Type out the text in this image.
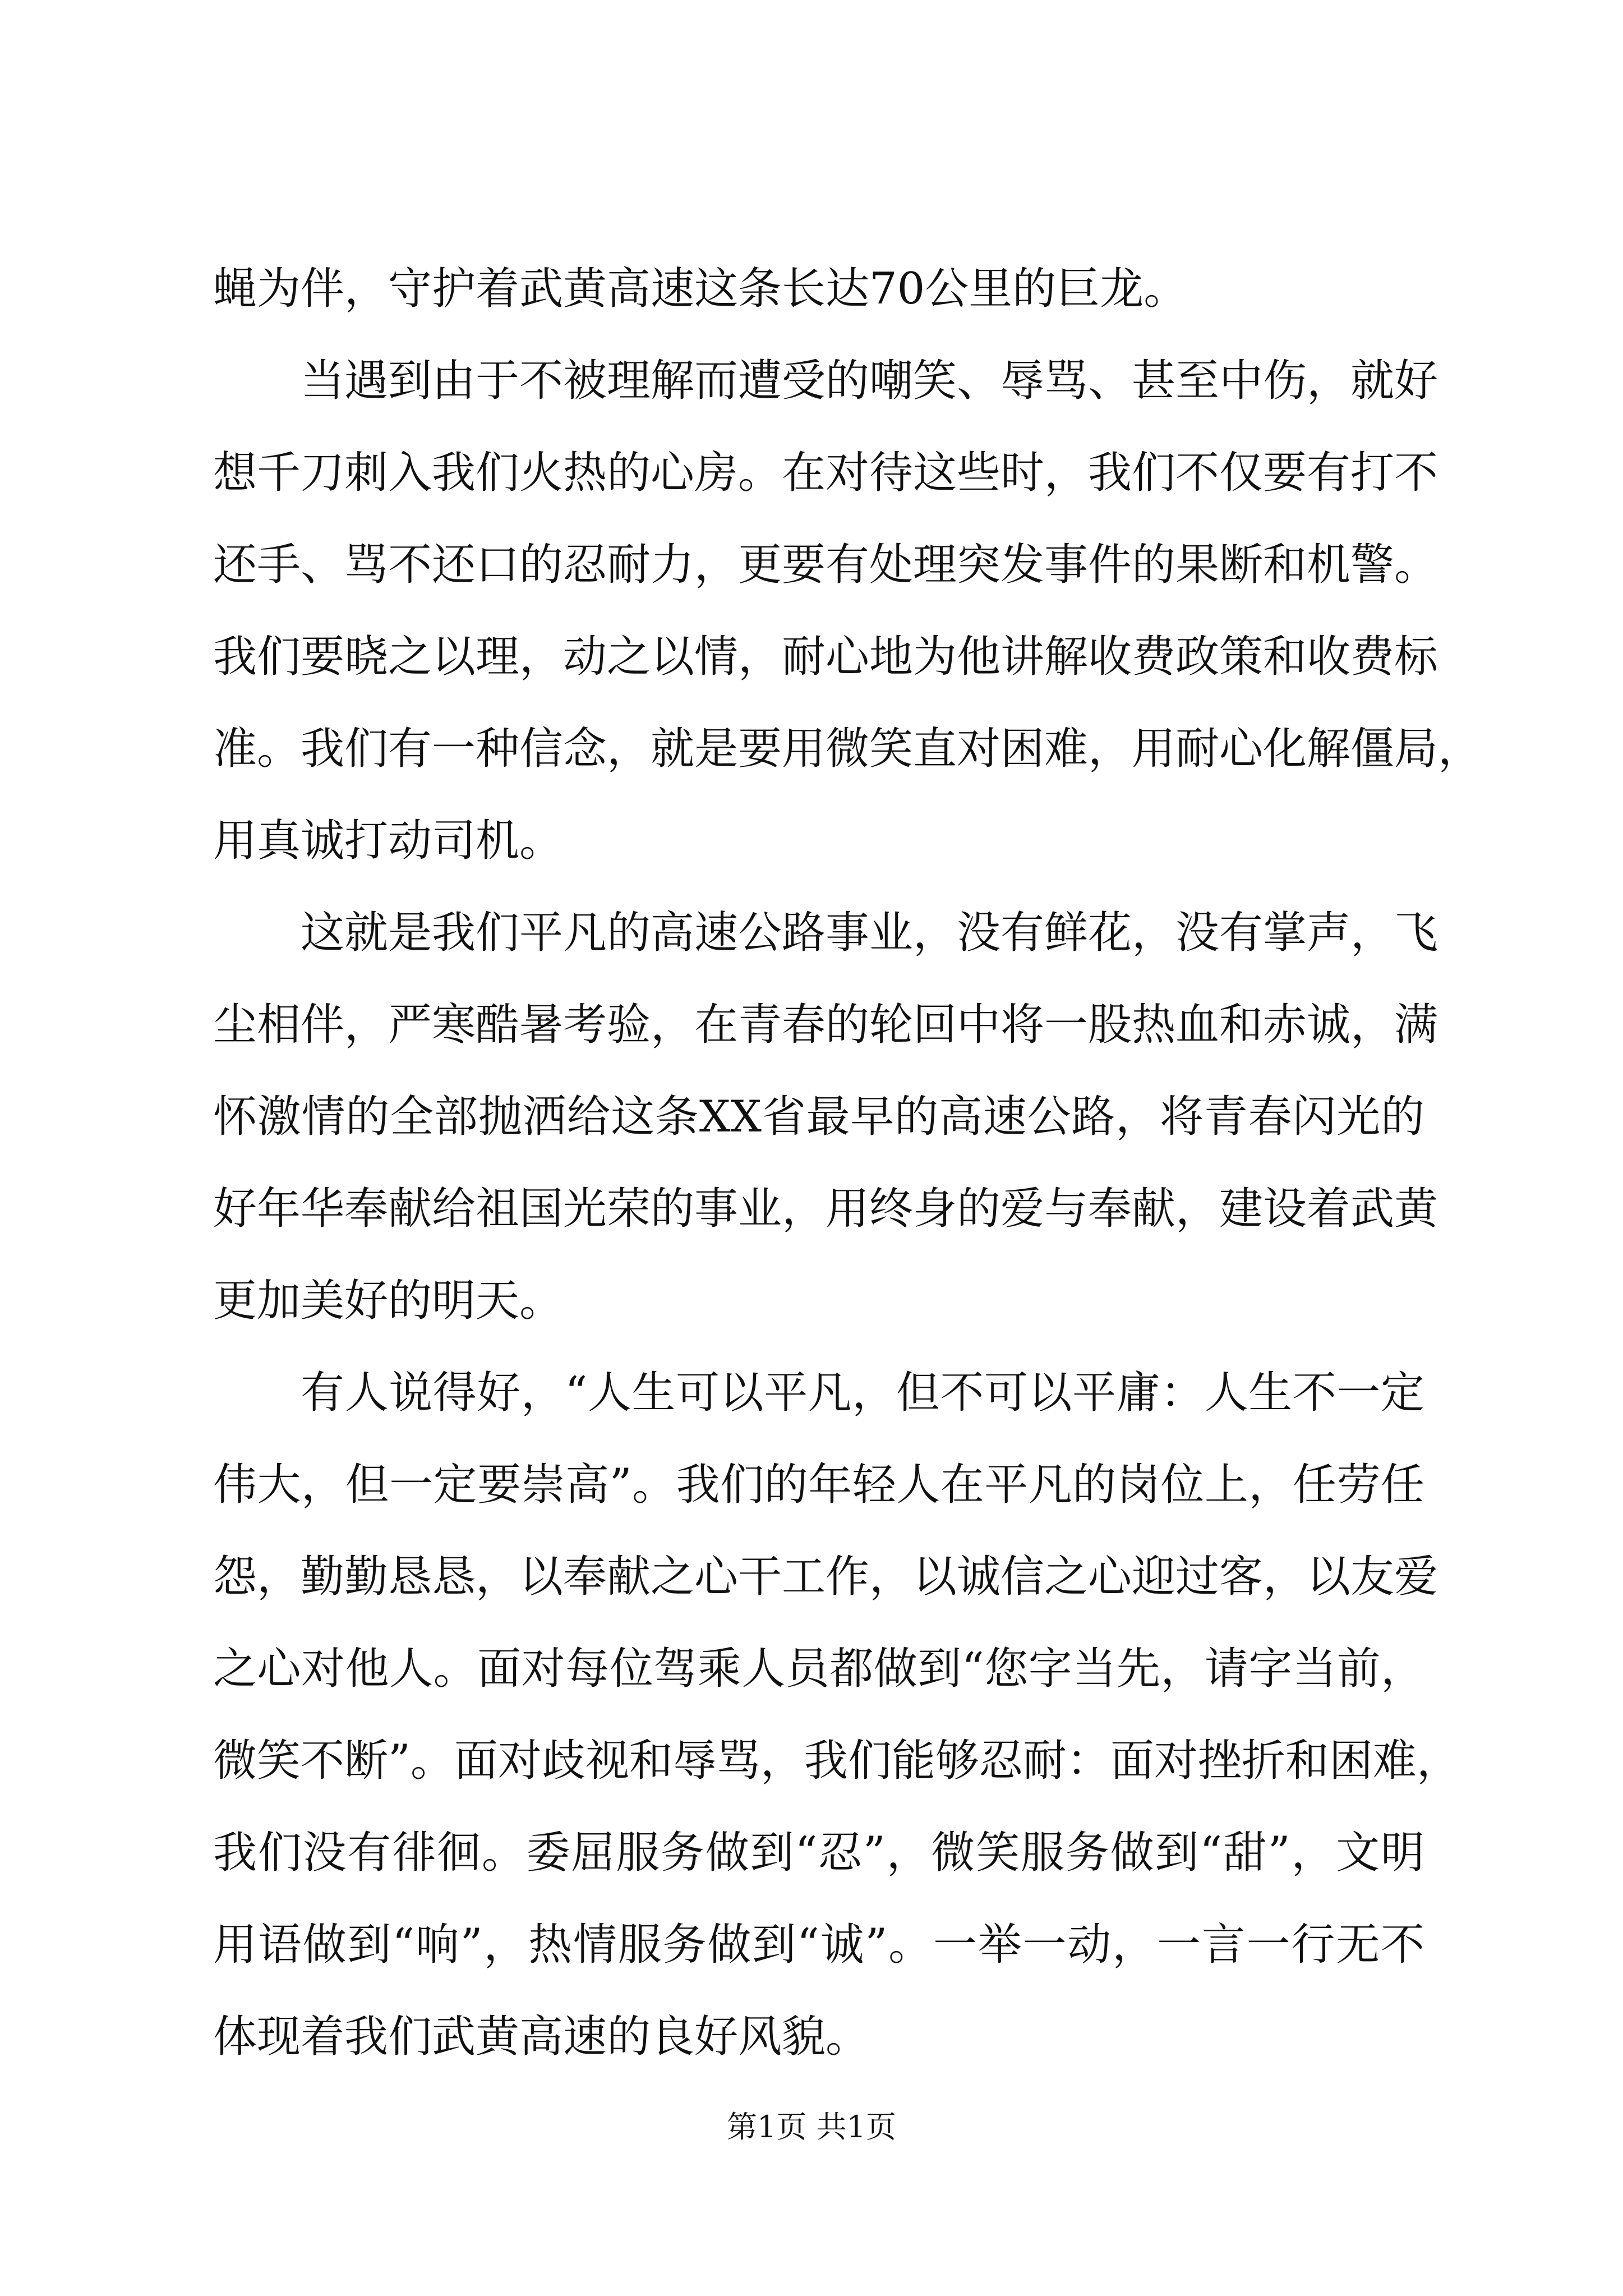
蝇为伴，守护着武黄高速这条长达70公里的巨龙。
当遇到由于不被理解而遭受的嘲笑、辱骂、甚至中伤，就好
想千刀刺入我们火热的心房。在对待这些时，我们不仅要有打不
还手、骂不还口的忍耐力，更要有处理突发事件的果断和机警。
我们要晓之以理，动之以情，耐心地为他讲解收费政策和收费标
准。我们有一种信念，就是要用微笑直对困难，用耐心化解僵局，
用真诚打动司机。
这就是我们平凡的高速公路事业，没有鲜花，没有掌声，飞
尘相伴，严寒酷暑考验，在青春的轮回中将一股热血和赤诚，满
怀激情的全部抛洒给这条XX省最早的高速公路，将青春闪光的
好年华奉献给祖国光荣的事业，用终身的爱与奉献，建设着武黄
更加美好的明天。
有人说得好，“人生可以平凡，但不可以平庸：人生不一定
伟大，但一定要崇高”。我们的年轻人在平凡的岗位上，任劳任
怨，勤勤恳恳，以奉献之心干工作，以诚信之心迎过客，以友爱
之心对他人。面对每位驾乘人员都做到“您字当先，请字当前，
微笑不断”。面对歧视和辱骂，我们能够忍耐：面对挫折和困难，
我们没有徘徊。委屈服务做到“忍”，微笑服务做到“甜”，文明
用语做到“响”，热情服务做到“诚”。一举一动，一言一行无不
体现着我们武黄高速的良好风貌。
第1页 共1页
